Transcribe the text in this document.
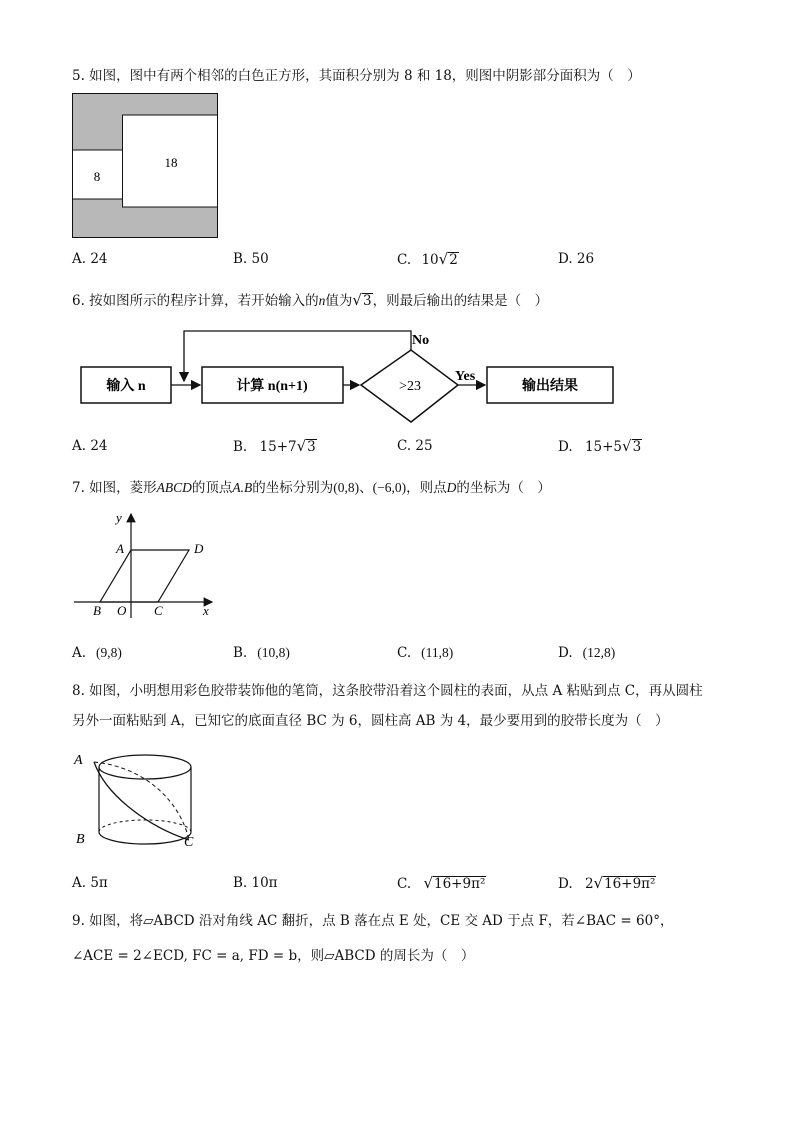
5. 如图，图中有两个相邻的白色正方形，其面积分别为 8 和 18，则图中阴影部分面积为（　）
8
18
A. 24	B. 50	C. 10√2	D. 26
6. 按如图所示的程序计算，若开始输入的n值为√3，则最后输出的结果是（　）
输入 n	计算 n(n+1)	>23
No
Yes
输出结果
A. 24	B. 15+7√3	C. 25	D. 15+5√3
7. 如图，菱形ABCD的顶点A.B的坐标分别为(0,8)、(−6,0)，则点D的坐标为（　）
y
A	D
B O C	x
A. (9,8)	B. (10,8)	C. (11,8)	D. (12,8)
8. 如图，小明想用彩色胶带装饰他的笔筒，这条胶带沿着这个圆柱的表面，从点 A 粘贴到点 C，再从圆柱
另外一面粘贴到 A，已知它的底面直径 BC 为 6，圆柱高 AB 为 4，最少要用到的胶带长度为（　）
A
B	C
A. 5π	B. 10π	C. √16+9π²	D. 2√16+9π²
9. 如图，将▱ABCD 沿对角线 AC 翻折，点 B 落在点 E 处，CE 交 AD 于点 F，若∠BAC = 60°，
∠ACE = 2∠ECD, FC = a, FD = b，则▱ABCD 的周长为（　）
